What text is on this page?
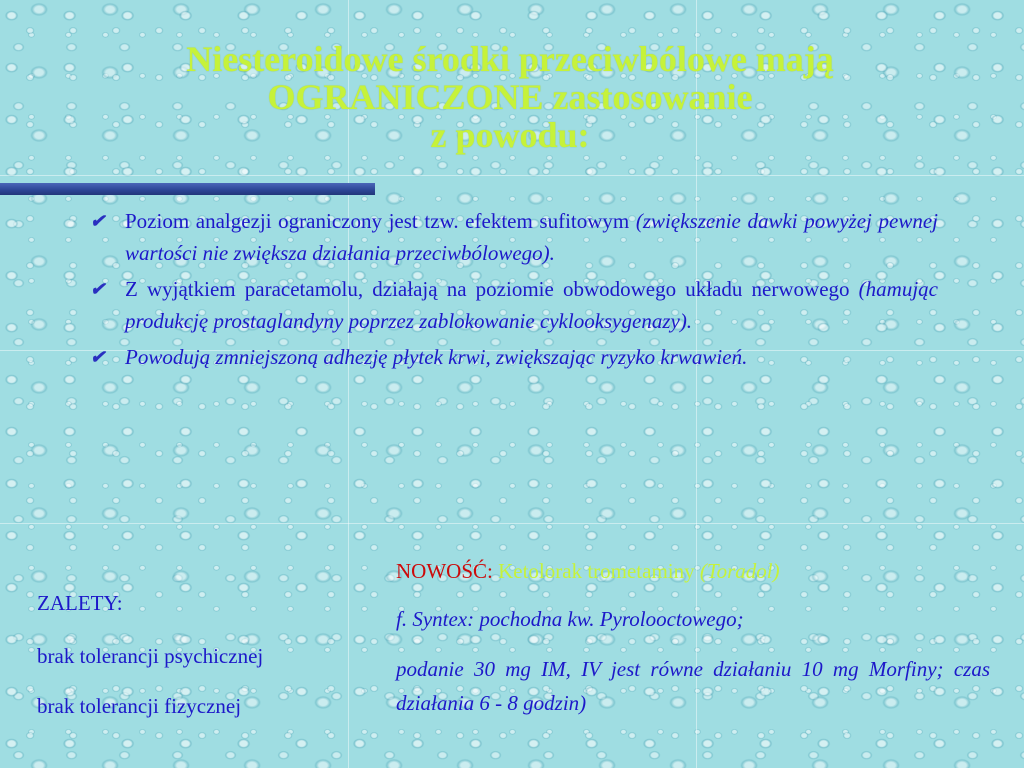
Niesteroidowe środki przeciwbólowe mają
OGRANICZONE zastosowanie
z powodu:
✔ Poziom analgezji ograniczony jest tzw. efektem sufitowym (zwiększenie dawki powyżej pewnej wartości nie zwiększa działania przeciwbólowego).
✔ Z wyjątkiem paracetamolu, działają na poziomie obwodowego układu nerwowego (hamując produkcję prostaglandyny poprzez zablokowanie cyklooksygenazy).
✔ Powodują zmniejszoną adhezję płytek krwi, zwiększając ryzyko krwawień.

ZALETY:

brak tolerancji psychicznej

brak tolerancji fizycznej

NOWOŚĆ: Ketolorak trometaminy (Toradol)

f. Syntex: pochodna kw. Pyrolooctowego;

podanie 30 mg IM, IV jest równe działaniu 10 mg Morfiny; czas działania 6 - 8 godzin)
